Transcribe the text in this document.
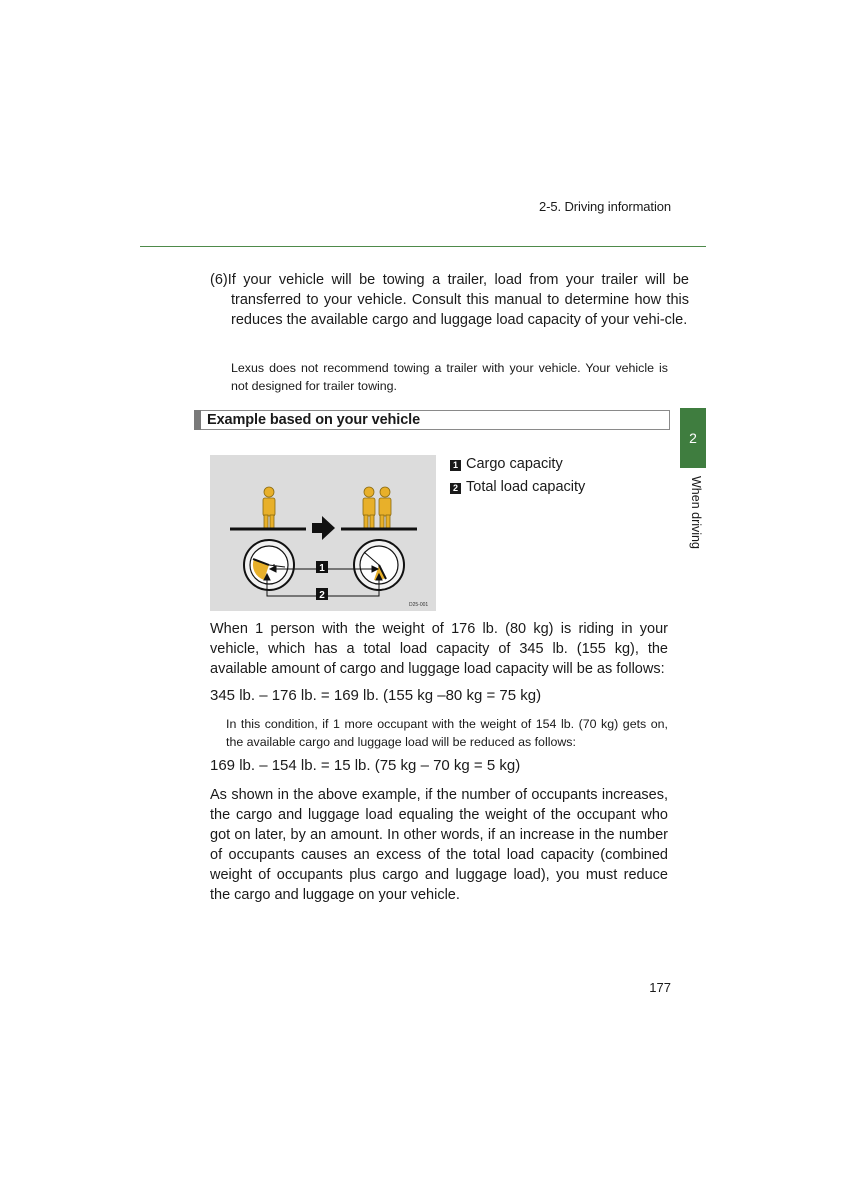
2-5. Driving information
2
When driving
(6)If your vehicle will be towing a trailer, load from your trailer will be transferred to your vehicle. Consult this manual to determine how this reduces the available cargo and luggage load capacity of your vehi-cle.
Lexus does not recommend towing a trailer with your vehicle. Your vehicle is not designed for trailer towing.
Example based on your vehicle
1
2
D25-001
1 Cargo capacity
2 Total load capacity
When 1 person with the weight of 176 lb. (80 kg) is riding in your vehicle, which has a total load capacity of 345 lb. (155 kg), the available amount of cargo and luggage load capacity will be as follows:
345 lb. – 176 lb. = 169 lb. (155 kg –80 kg = 75 kg)
In this condition, if 1 more occupant with the weight of 154 lb. (70 kg) gets on, the available cargo and luggage load will be reduced as follows:
169 lb. – 154 lb. = 15 lb. (75 kg – 70 kg = 5 kg)
As shown in the above example, if the number of occupants increases, the cargo and luggage load equaling the weight of the occupant who got on later, by an amount. In other words, if an increase in the number of occupants causes an excess of the total load capacity (combined weight of occupants plus cargo and luggage load), you must reduce the cargo and luggage on your vehicle.
177
